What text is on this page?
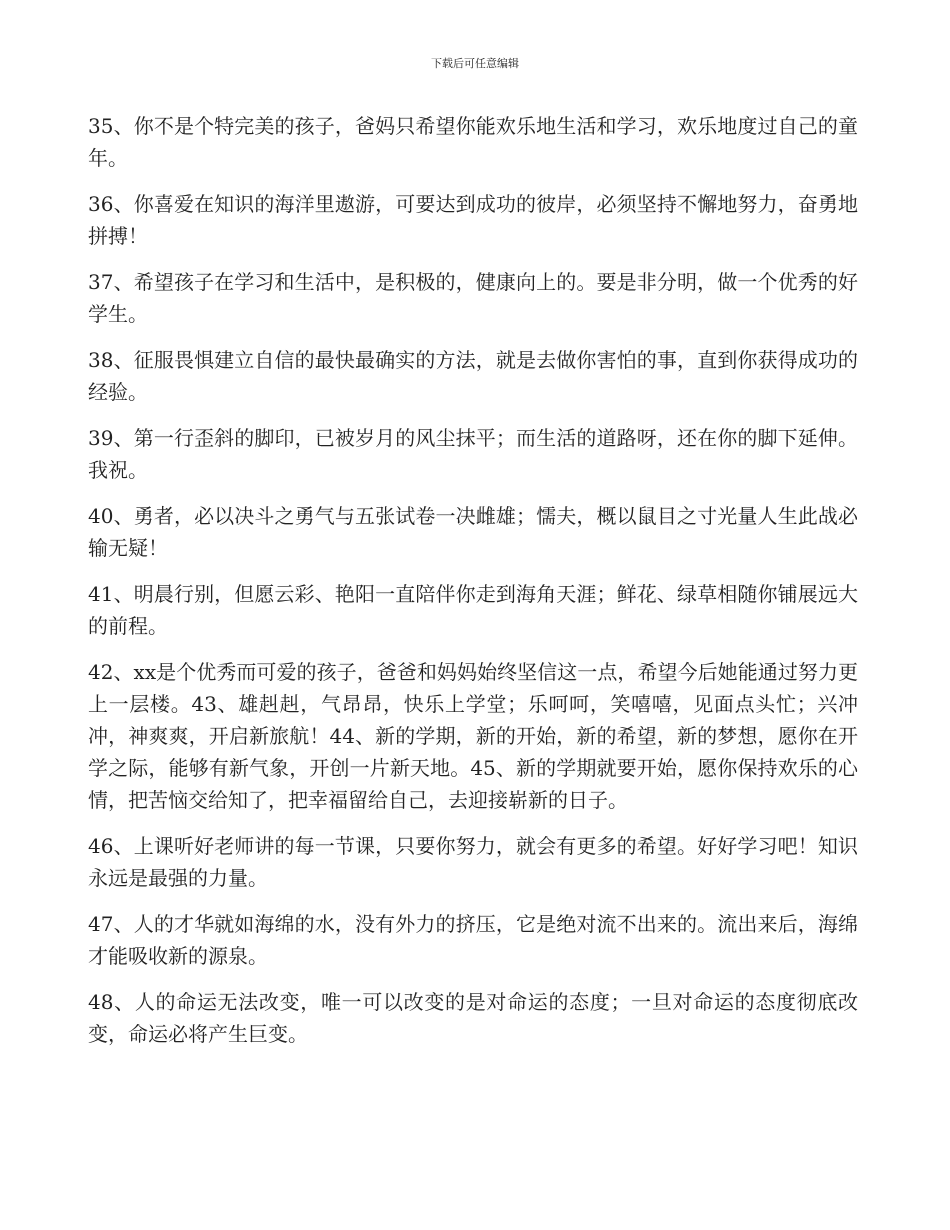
下载后可任意编辑

35、你不是个特完美的孩子，爸妈只希望你能欢乐地生活和学习，欢乐地度过自己的童年。

36、你喜爱在知识的海洋里遨游，可要达到成功的彼岸，必须坚持不懈地努力，奋勇地拼搏！

37、希望孩子在学习和生活中，是积极的，健康向上的。要是非分明，做一个优秀的好学生。

38、征服畏惧建立自信的最快最确实的方法，就是去做你害怕的事，直到你获得成功的经验。

39、第一行歪斜的脚印，已被岁月的风尘抹平；而生活的道路呀，还在你的脚下延伸。我祝。

40、勇者，必以决斗之勇气与五张试卷一决雌雄；懦夫，概以鼠目之寸光量人生此战必输无疑！

41、明晨行别，但愿云彩、艳阳一直陪伴你走到海角天涯；鲜花、绿草相随你铺展远大的前程。

42、xx是个优秀而可爱的孩子，爸爸和妈妈始终坚信这一点，希望今后她能通过努力更上一层楼。43、雄赳赳，气昂昂，快乐上学堂；乐呵呵，笑嘻嘻，见面点头忙；兴冲冲，神爽爽，开启新旅航！44、新的学期，新的开始，新的希望，新的梦想，愿你在开学之际，能够有新气象，开创一片新天地。45、新的学期就要开始，愿你保持欢乐的心情，把苦恼交给知了，把幸福留给自己，去迎接崭新的日子。

46、上课听好老师讲的每一节课，只要你努力，就会有更多的希望。好好学习吧！知识永远是最强的力量。

47、人的才华就如海绵的水，没有外力的挤压，它是绝对流不出来的。流出来后，海绵才能吸收新的源泉。

48、人的命运无法改变，唯一可以改变的是对命运的态度；一旦对命运的态度彻底改变，命运必将产生巨变。
